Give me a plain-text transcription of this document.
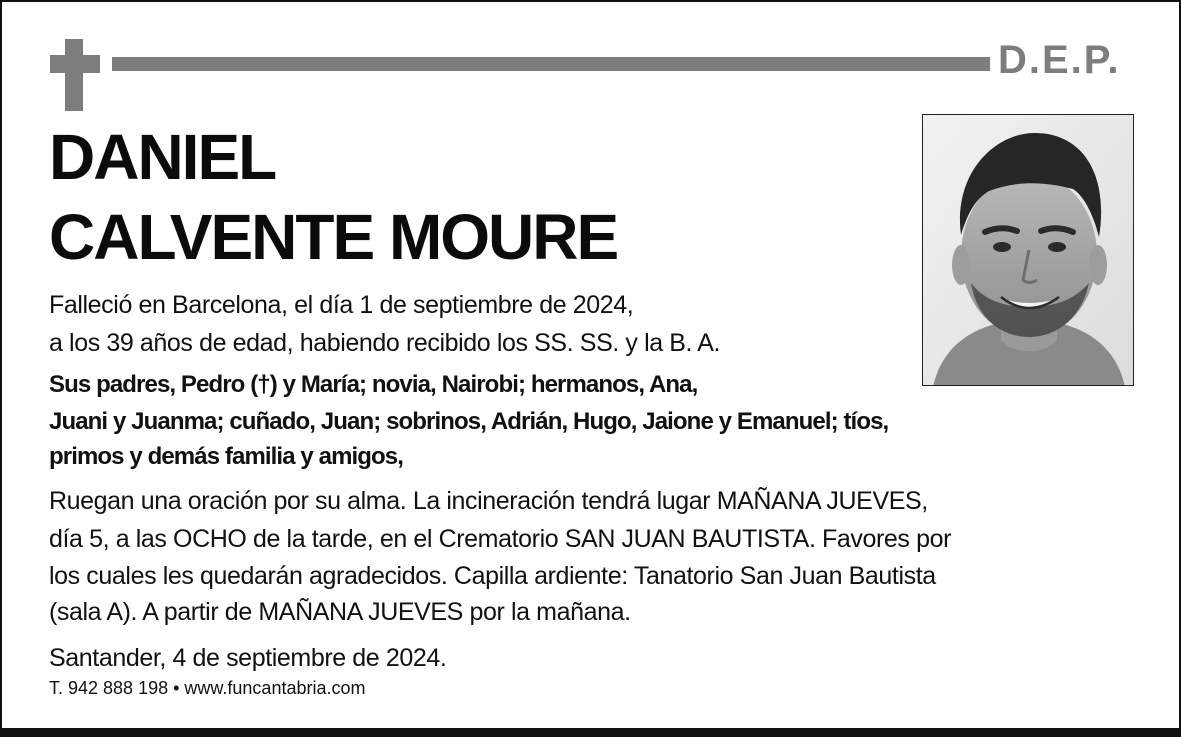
D.E.P.
DANIEL
CALVENTE MOURE
Falleció en Barcelona, el día 1 de septiembre de 2024,
a los 39 años de edad, habiendo recibido los SS. SS. y la B. A.
Sus padres, Pedro (†) y María; novia, Nairobi; hermanos, Ana,
Juani y Juanma; cuñado, Juan; sobrinos, Adrián, Hugo, Jaione y Emanuel; tíos,
primos y demás familia y amigos,
Ruegan una oración por su alma. La incineración tendrá lugar MAÑANA JUEVES,
día 5, a las OCHO de la tarde, en el Crematorio SAN JUAN BAUTISTA. Favores por
los cuales les quedarán agradecidos. Capilla ardiente: Tanatorio San Juan Bautista
(sala A). A partir de MAÑANA JUEVES por la mañana.
Santander, 4 de septiembre de 2024.
T. 942 888 198 • www.funcantabria.com
